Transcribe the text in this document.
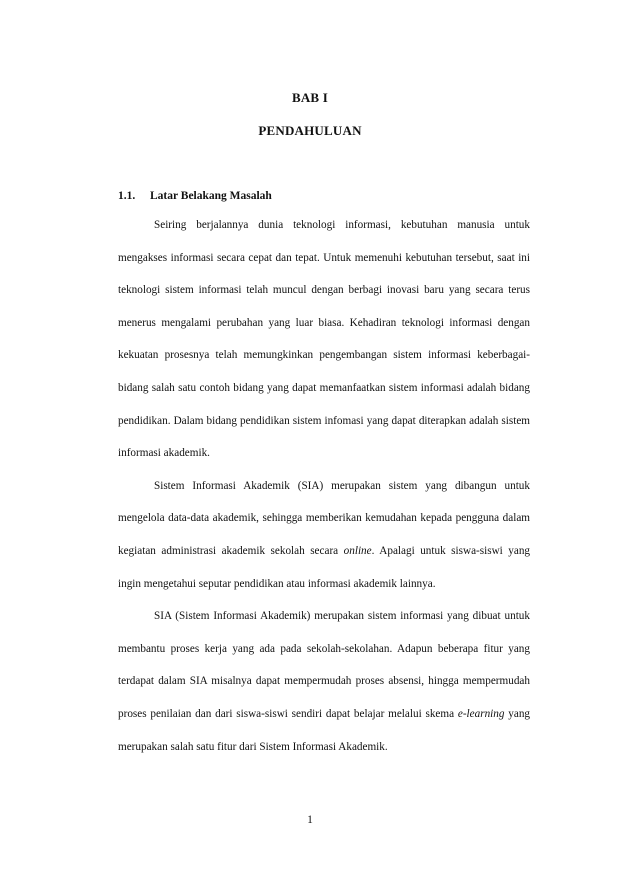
BAB I
PENDAHULUAN
1.1. Latar Belakang Masalah

Seiring berjalannya dunia teknologi informasi, kebutuhan manusia untuk mengakses informasi secara cepat dan tepat. Untuk memenuhi kebutuhan tersebut, saat ini teknologi sistem informasi telah muncul dengan berbagi inovasi baru yang secara terus menerus mengalami perubahan yang luar biasa. Kehadiran teknologi informasi dengan kekuatan prosesnya telah memungkinkan pengembangan sistem informasi keberbagai-bidang salah satu contoh bidang yang dapat memanfaatkan sistem informasi adalah bidang pendidikan. Dalam bidang pendidikan sistem infomasi yang dapat diterapkan adalah sistem informasi akademik.

Sistem Informasi Akademik (SIA) merupakan sistem yang dibangun untuk mengelola data-data akademik, sehingga memberikan kemudahan kepada pengguna dalam kegiatan administrasi akademik sekolah secara online. Apalagi untuk siswa-siswi yang ingin mengetahui seputar pendidikan atau informasi akademik lainnya.

SIA (Sistem Informasi Akademik) merupakan sistem informasi yang dibuat untuk membantu proses kerja yang ada pada sekolah-sekolahan. Adapun beberapa fitur yang terdapat dalam SIA misalnya dapat mempermudah proses absensi, hingga mempermudah proses penilaian dan dari siswa-siswi sendiri dapat belajar melalui skema e-learning yang merupakan salah satu fitur dari Sistem Informasi Akademik.

1
